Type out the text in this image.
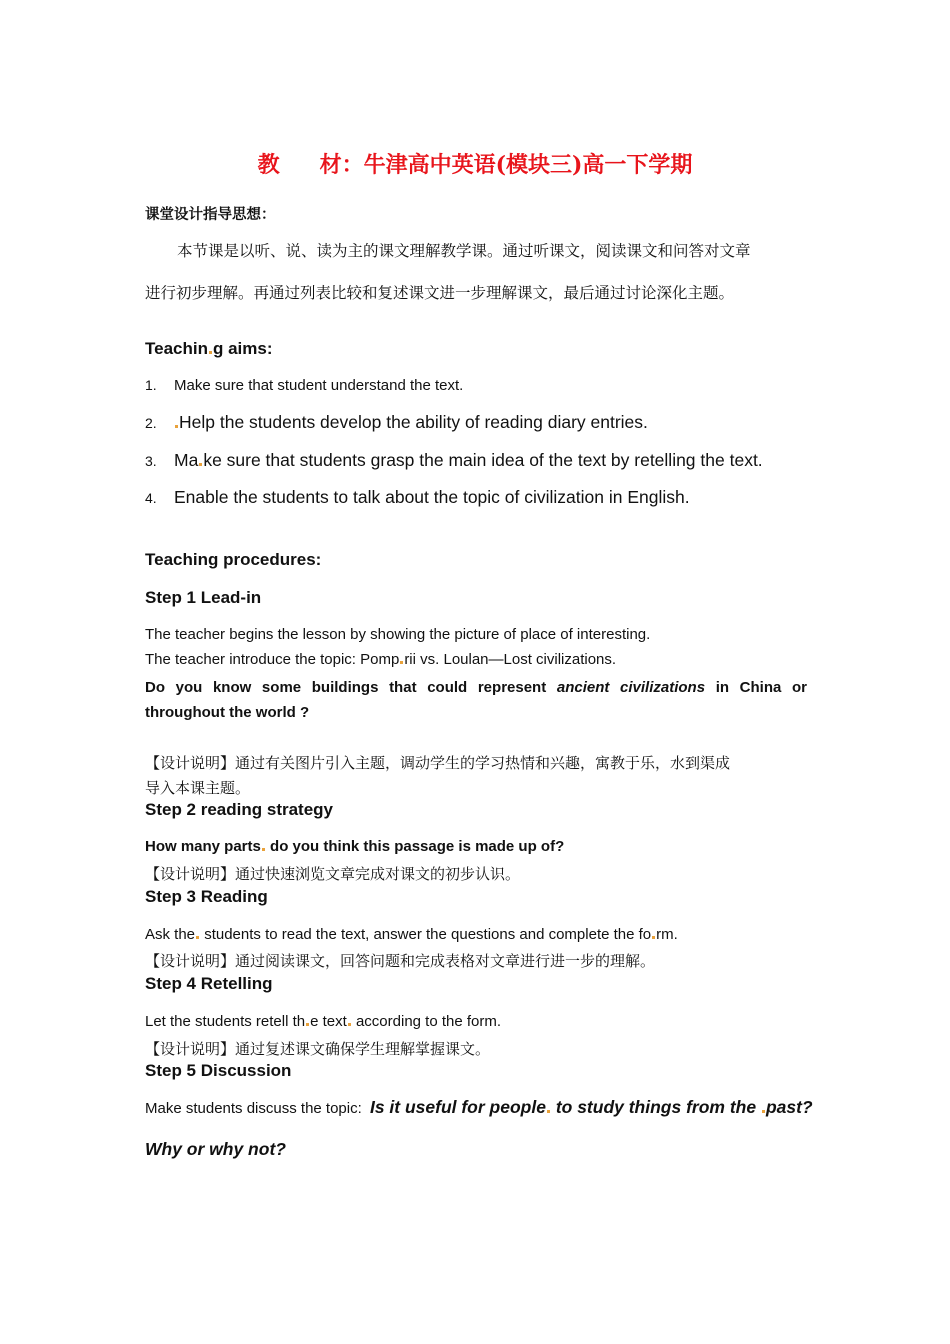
教 材：牛津高中英语(模块三)高一下学期
课堂设计指导思想：
本节课是以听、说、读为主的课文理解教学课。通过听课文，阅读课文和问答对文章
进行初步理解。再通过列表比较和复述课文进一步理解课文，最后通过讨论深化主题。
Teachin g aims:
1. Make sure that student understand the text.
2. Help the students develop the ability of reading diary entries.
3. Ma ke sure that students grasp the main idea of the text by retelling the text.
4. Enable the students to talk about the topic of civilization in English.
Teaching procedures:
Step 1 Lead-in
The teacher begins the lesson by showing the picture of place of interesting.
The teacher introduce the topic: Pomp rii vs. Loulan—Lost civilizations.
Do you know some buildings that could represent ancient civilizations in China or throughout the world ?
【设计说明】通过有关图片引入主题，调动学生的学习热情和兴趣，寓教于乐，水到渠成
导入本课主题。
Step 2 reading strategy
How many parts do you think this passage is made up of?
【设计说明】通过快速浏览文章完成对课文的初步认识。
Step 3 Reading
Ask the students to read the text, answer the questions and complete the fo rm.
【设计说明】通过阅读课文，回答问题和完成表格对文章进行进一步的理解。
Step 4 Retelling
Let the students retell th e text according to the form.
【设计说明】通过复述课文确保学生理解掌握课文。
Step 5 Discussion
Make students discuss the topic: Is it useful for people to study things from the past?
Why or why not?
